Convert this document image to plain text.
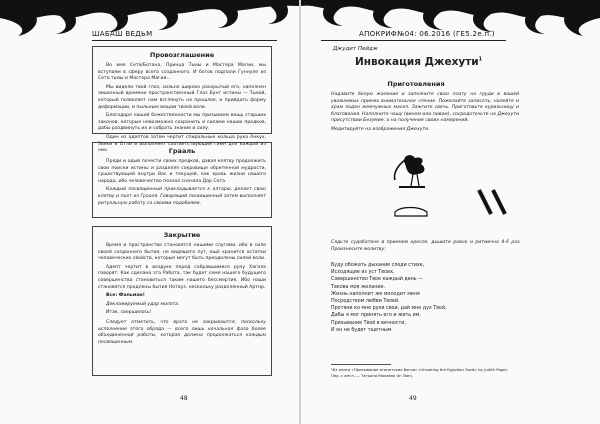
ШАБАШ ВЕДЬМ
Провозглашение

Во имя Сета/Ботана, Принца Тьмы и Мастера Магии, мы вступаем в сферу всего созданного. И богов подпали Гуннуле из Сета тьмы и Мастера Магии...

Мы видели твой глаз, сильно широко раскрытый его, наполнен лишенный времени пространственный Глаз Бунт истины — Тьмой, который позволяет нам взглянуть на прошлое, и прийдать форму деформации, и пыльным вещам твоей воли.

Благодаря нашей божественности мы призываем вещь старших законов, которые невозможно сохранить и силами наших предков, дабы раздвинуть их и собрать знание и силу.

Один из адептов затем чертит спиральные кольца рука Анкух, Звяки и Отли и выполняет соответствующий гимн для каждой из них.	Грааль

Пряди и одый почести своих предков, давая клятву продолжить свои поиски истины и разделяя сокровище обретенной мудрости, существующей внутри Вас и текущей, как кровь жизни нашего народа, ибо человечество познал сначала Дар Сета.

Каждый посвященный прикладывается к алтарю, делает свою клятву и пьет из Грааля. Говорящий посвященный затем выполняет ритуальную работу со своими подобиями.

Закрытие

Время и пространство становятся нашими слугами, ибо в силе своей созданного бытия, не видящего пут, ещё хранится остатки человеческих свойств, которые могут быть преодолены силой воли.

Адепт чертит в воздухе перед собравшимися руну Хагала говорят: Как сделана эта Работа, так будет семя нашего будущего совершенства становиться таким нашего бессмертия. Ибо наши становятся продлены бытия Нотауз, нескольку разделенный Артнр.

Все: Фальман!

Декламируемый удар молота.

Итак, свершилось!

Следует отметить, что врата не закрываются, поскольку исполнение этого обряда — всего лишь начальная фаза более объединенной работы, которая должна продолжаться каждым посвященным.

48
АПОКРИФ№04: 06.2016 (ГЕ5.2е.п.)
Джудит Пейдж
Инвокация Джехути$^1$
Приготовления

Надавите белую жаление и заполните свою плату на груди в вашей уважаемых приема внимательное чтение. Пожелайте записать, налейте и храм ладан жемчужных масел. Зажгите свечь. Приготовьте курильницу и благовония. Наполните чашу (вином или пивом), сосредоточьте на Джехути присутствии Безумиe, а на получение своих намерений.

Медитируйте на изображения Джехути.

Сядьте судобатоне в приемом кресле, дышите ровно и ритмично 4-6 раз. Произнесите молитву:

Буду обожать дыхание следи стихе,

Исходящие из уст Твоих,

Совершенство Твое каждый день —

Такова моя желание.

Жизнь наполнит же молодит меня

Посредством любви Твоей.

Протяни ко мне руки свои, дай мне дух Твой,

Дабы я мог принять его и жить им,

Призывание Твоё в вечности,

И он не будет тщетным.

¹Из книги «Призывание египетских богов» («Invoking the Egyptian Gods» by Judith Page). Пер. с англ. — Татьяна Махаева (In Taer).
49
